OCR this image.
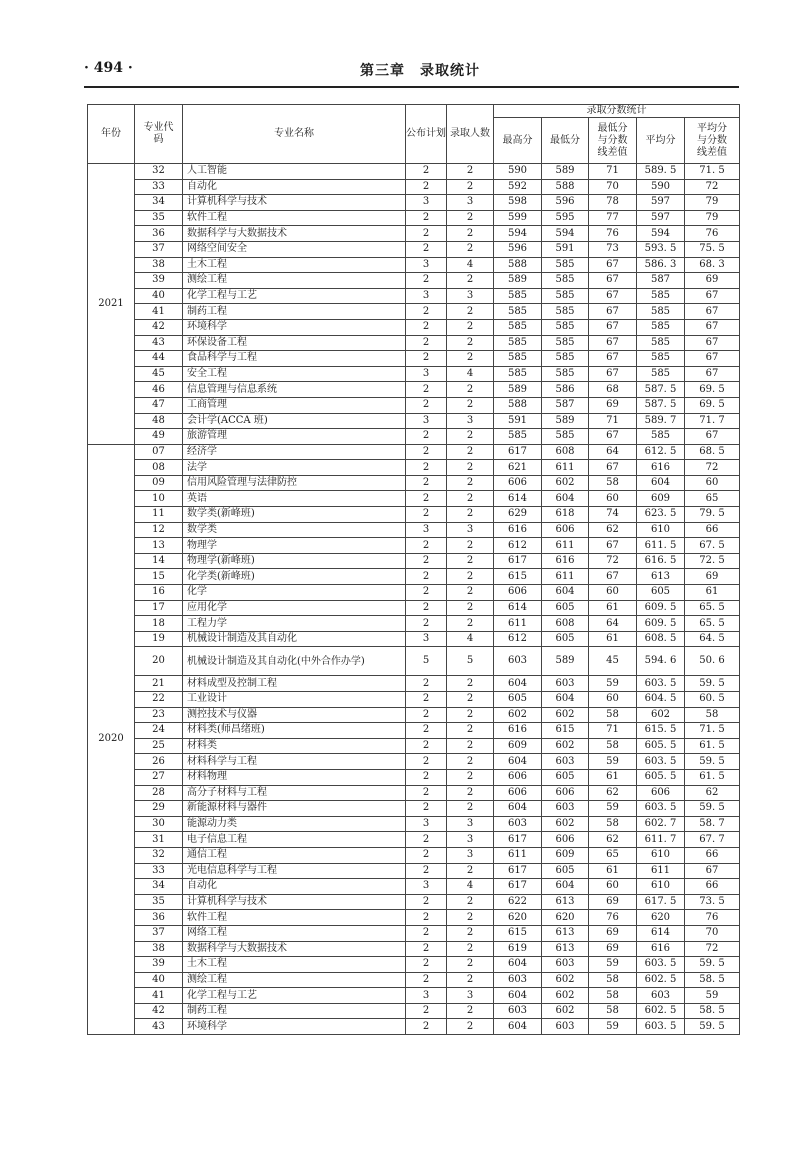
· 494 ·	第三章　录取统计
年份	专业代码	专业名称	公布计划	录取人数	录取分数统计				
					最高分	最低分	最低分与分数线差值	平均分	平均分与分数线差值
2021	32	人工智能	2	2	590	589	71	589. 5	71. 5
	33	自动化	2	2	592	588	70	590	72
	34	计算机科学与技术	3	3	598	596	78	597	79
	35	软件工程	2	2	599	595	77	597	79
	36	数据科学与大数据技术	2	2	594	594	76	594	76
	37	网络空间安全	2	2	596	591	73	593. 5	75. 5
	38	土木工程	3	4	588	585	67	586. 3	68. 3
	39	测绘工程	2	2	589	585	67	587	69
	40	化学工程与工艺	3	3	585	585	67	585	67
	41	制药工程	2	2	585	585	67	585	67
	42	环境科学	2	2	585	585	67	585	67
	43	环保设备工程	2	2	585	585	67	585	67
	44	食品科学与工程	2	2	585	585	67	585	67
	45	安全工程	3	4	585	585	67	585	67
	46	信息管理与信息系统	2	2	589	586	68	587. 5	69. 5
	47	工商管理	2	2	588	587	69	587. 5	69. 5
	48	会计学(ACCA 班)	3	3	591	589	71	589. 7	71. 7
	49	旅游管理	2	2	585	585	67	585	67
2020	07	经济学	2	2	617	608	64	612. 5	68. 5
	08	法学	2	2	621	611	67	616	72
	09	信用风险管理与法律防控	2	2	606	602	58	604	60
	10	英语	2	2	614	604	60	609	65
	11	数学类(新峰班)	2	2	629	618	74	623. 5	79. 5
	12	数学类	3	3	616	606	62	610	66
	13	物理学	2	2	612	611	67	611. 5	67. 5
	14	物理学(新峰班)	2	2	617	616	72	616. 5	72. 5
	15	化学类(新峰班)	2	2	615	611	67	613	69
	16	化学	2	2	606	604	60	605	61
	17	应用化学	2	2	614	605	61	609. 5	65. 5
	18	工程力学	2	2	611	608	64	609. 5	65. 5
	19	机械设计制造及其自动化	3	4	612	605	61	608. 5	64. 5
	20	机械设计制造及其自动化(中外合作办学)	5	5	603	589	45	594. 6	50. 6
	21	材料成型及控制工程	2	2	604	603	59	603. 5	59. 5
	22	工业设计	2	2	605	604	60	604. 5	60. 5
	23	测控技术与仪器	2	2	602	602	58	602	58
	24	材料类(师昌绪班)	2	2	616	615	71	615. 5	71. 5
	25	材料类	2	2	609	602	58	605. 5	61. 5
	26	材料科学与工程	2	2	604	603	59	603. 5	59. 5
	27	材料物理	2	2	606	605	61	605. 5	61. 5
	28	高分子材料与工程	2	2	606	606	62	606	62
	29	新能源材料与器件	2	2	604	603	59	603. 5	59. 5
	30	能源动力类	3	3	603	602	58	602. 7	58. 7
	31	电子信息工程	2	3	617	606	62	611. 7	67. 7
	32	通信工程	2	3	611	609	65	610	66
	33	光电信息科学与工程	2	2	617	605	61	611	67
	34	自动化	3	4	617	604	60	610	66
	35	计算机科学与技术	2	2	622	613	69	617. 5	73. 5
	36	软件工程	2	2	620	620	76	620	76
	37	网络工程	2	2	615	613	69	614	70
	38	数据科学与大数据技术	2	2	619	613	69	616	72
	39	土木工程	2	2	604	603	59	603. 5	59. 5
	40	测绘工程	2	2	603	602	58	602. 5	58. 5
	41	化学工程与工艺	3	3	604	602	58	603	59
	42	制药工程	2	2	603	602	58	602. 5	58. 5
	43	环境科学	2	2	604	603	59	603. 5	59. 5
